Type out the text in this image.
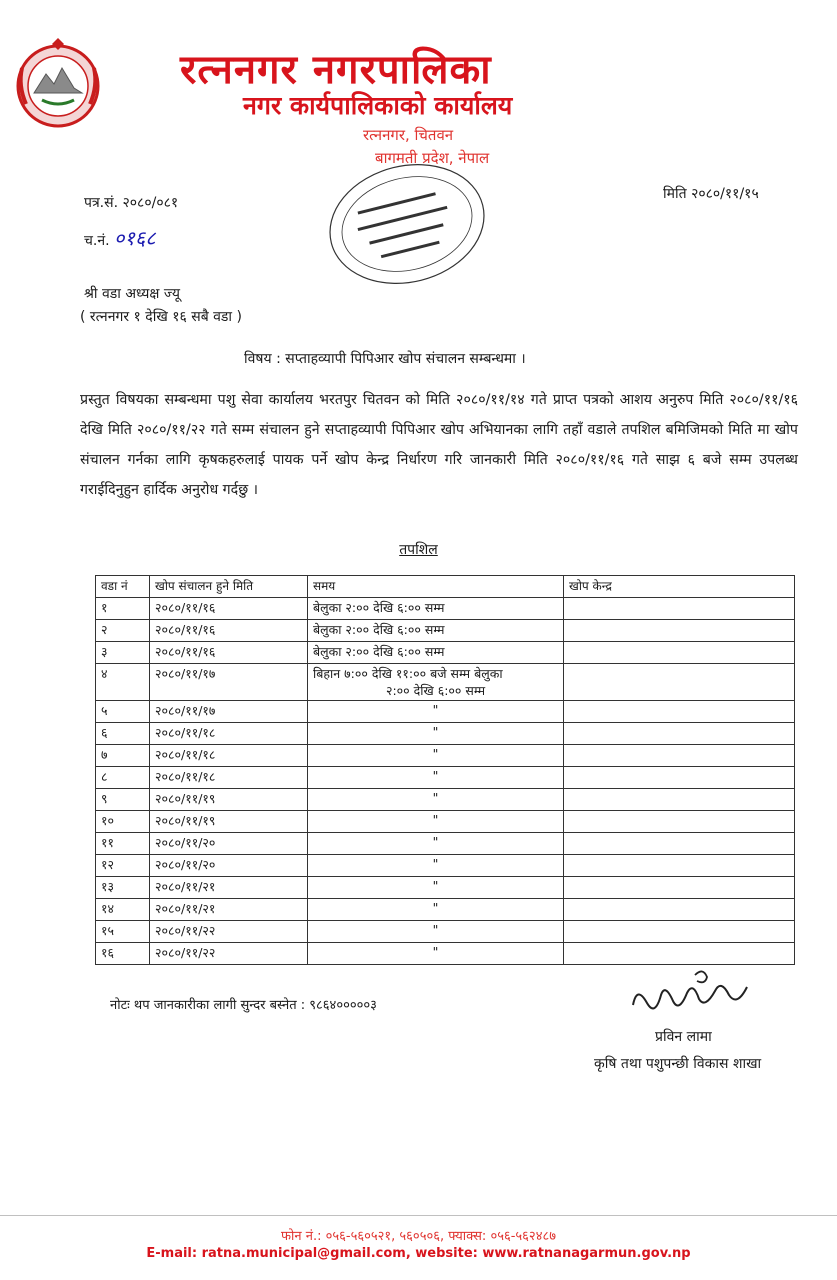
रत्ननगर नगरपालिका
नगर कार्यपालिकाको कार्यालय
रत्ननगर, चितवन
बागमती प्रदेश, नेपाल
पत्र.सं. २०८०/०८१
च.नं. ०१६८
मिति २०८०/११/१५
श्री वडा अध्यक्ष ज्यू
( रत्ननगर १ देखि १६ सबै वडा )
विषय : सप्ताहव्यापी पिपिआर खोप संचालन सम्बन्धमा ।
प्रस्तुत विषयका सम्बन्धमा पशु सेवा कार्यालय भरतपुर चितवन को मिति २०८०/११/१४ गते प्राप्त पत्रको आशय अनुरुप मिति २०८०/११/१६ देखि मिति २०८०/११/२२ गते सम्म संचालन हुने सप्ताहव्यापी पिपिआर खोप अभियानका लागि तहाँ वडाले तपशिल बमिजिमको मिति मा खोप संचालन गर्नका लागि कृषकहरुलाई पायक पर्ने खोप केन्द्र निर्धारण गरि जानकारी मिति २०८०/११/१६ गते साझ ६ बजे सम्म उपलब्ध गराईदिनुहुन हार्दिक अनुरोध गर्दछु ।
तपशिल
वडा नं	खोप संचालन हुने मिति	समय	खोप केन्द्र
१	२०८०/११/१६	बेलुका २:०० देखि ६:०० सम्म	
२	२०८०/११/१६	बेलुका २:०० देखि ६:०० सम्म	
३	२०८०/११/१६	बेलुका २:०० देखि ६:०० सम्म	
४	२०८०/११/१७	बिहान ७:०० देखि ११:०० बजे सम्म बेलुका
२:०० देखि ६:०० सम्म	

५	२०८०/११/१७	"	
६	२०८०/११/१८	"	
७	२०८०/११/१८	"	
८	२०८०/११/१८	"	
९	२०८०/११/१९	"	
१०	२०८०/११/१९	"	
११	२०८०/११/२०	"	
१२	२०८०/११/२०	"	
१३	२०८०/११/२१	"	
१४	२०८०/११/२१	"	
१५	२०८०/११/२२	"	
१६	२०८०/११/२२	"	
नोटः थप जानकारीका लागी सुन्दर बस्नेत : ९८६४०००००३
प्रविन लामा
कृषि तथा पशुपन्छी विकास शाखा
फोन नं.: ०५६-५६०५२१, ५६०५०६, फ्याक्स: ०५६-५६२४८७
E-mail: ratna.municipal@gmail.com, website: www.ratnanagarmun.gov.np
